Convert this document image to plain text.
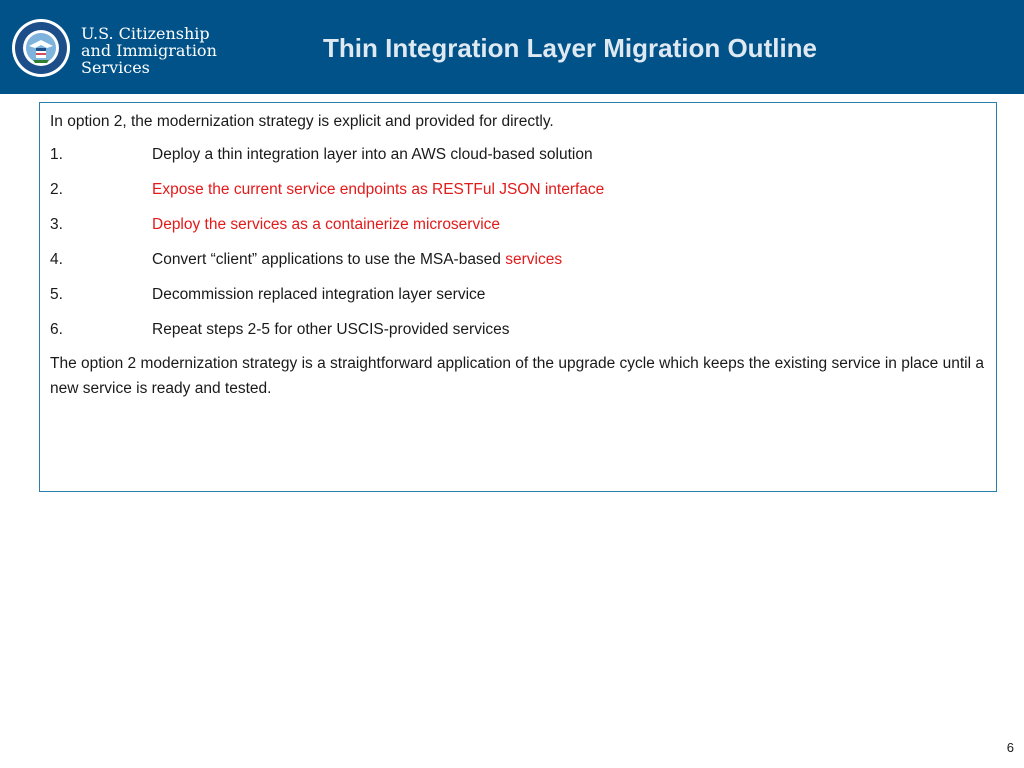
U.S. Citizenship
and Immigration
Services
Thin Integration Layer Migration Outline
In option 2, the modernization strategy is explicit and provided for directly.
1.	Deploy a thin integration layer into an AWS cloud-based solution
2.	Expose the current service endpoints as RESTFul JSON interface
3.	Deploy the services as a containerize microservice
4.	Convert “client” applications to use the MSA-based services
5.	Decommission replaced integration layer service
6.	Repeat steps 2-5 for other USCIS-provided services
The option 2 modernization strategy is a straightforward application of the upgrade cycle which keeps the existing service in place until a new service is ready and tested.
6
